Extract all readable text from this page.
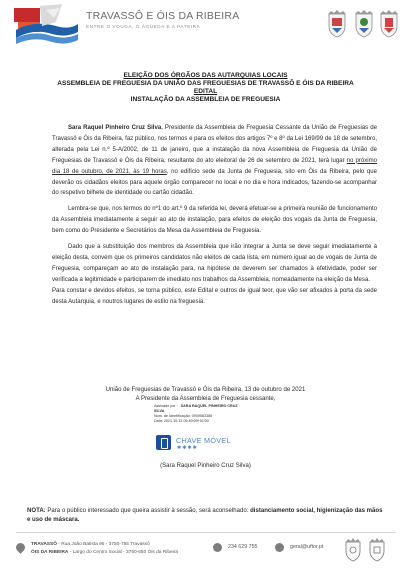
TRAVASSÔ E ÓIS DA RIBEIRA
ENTRE O VOUGA, O ÁGUEDA E A PATEIRA
ELEIÇÃO DOS ÓRGÃOS DAS AUTARQUIAS LOCAIS
ASSEMBLEIA DE FREGUESIA DA UNIÃO DAS FREGUESIAS DE TRAVASSÔ E ÓIS DA RIBEIRA
EDITAL
INSTALAÇÃO DA ASSEMBLEIA DE FREGUESIA

Sara Raquel Pinheiro Cruz Silva, Presidente da Assembleia de Freguesia Cessante da União de Freguesias de Travassô e Óis da Ribeira, faz público, nos termos e para os efeitos dos artigos 7º e 8º da Lei 169/99 de 18 de setembro, alterada pela Lei n.º 5-A/2002, de 11 de janeiro, que a instalação da nova Assembleia de Freguesia da União de Freguesias de Travassô e Óis da Ribeira, resultante do ato eleitoral de 26 de setembro de 2021, terá lugar no próximo dia 18 de outubro, de 2021, às 19 horas, no edifício sede da Junta de Freguesia, sito em Óis da Ribeira, pelo que deverão os cidadãos eleitos para aquele órgão comparecer no local e no dia e hora indicados, fazendo-se acompanhar do respetivo bilhete de identidade ou cartão cidadão.

Lembra-se que, nos termos do nº1 do art.º 9 da referida lei, deverá efetuar-se a primeira reunião de funcionamento da Assembleia imediatamente a seguir ao ato de instalação, para efeitos de eleição dos vogais da Junta de Freguesia, bem como do Presidente e Secretários da Mesa da Assembleia de Freguesia.

Dado que a substituição dos membros da Assembleia que irão integrar a Junta se deve seguir imediatamente à eleição desta, convém que os primeiros candidatos não eleitos de cada lista, em número igual ao de vogais de Junta de Freguesia, compareçam ao ato de instalação para, na hipótese de deverem ser chamados à efetividade, poder ser verificada a legitimidade e participarem de imediato nos trabalhos da Assembleia, nomeadamente na eleição da Mesa.

Para constar e devidos efeitos, se torna público, este Edital e outros de igual teor, que vão ser afixados à porta da sede desta Autarquia, e noutros lugares de estilo na freguesia.

União de Freguesias de Travassô e Óis da Ribeira, 13 de outubro de 2021
A Presidente da Assembleia de Freguesia cessante,
Assinado por : SARA RAQUEL PINHEIRO CRUZ
SILVA
Num. de Identificação: 0909563386
Data: 2021.10.13 09:49:09+01'00'
CHAVE MÓVEL
✱✱✱✱
(Sara Raquel Pinheiro Cruz Silva)
NOTA: Para o público interessado que queira assistir à sessão, será aconselhado: distanciamento social, higienização das mãos e uso de máscara.
TRAVASSÔ - Rua João Batista 95 - 3750-755 Travassô
ÓIS DA RIBEIRA - Largo do Centro Social - 3750-650 Óis da Ribeira
234 629 755	geral@uftor.pt
